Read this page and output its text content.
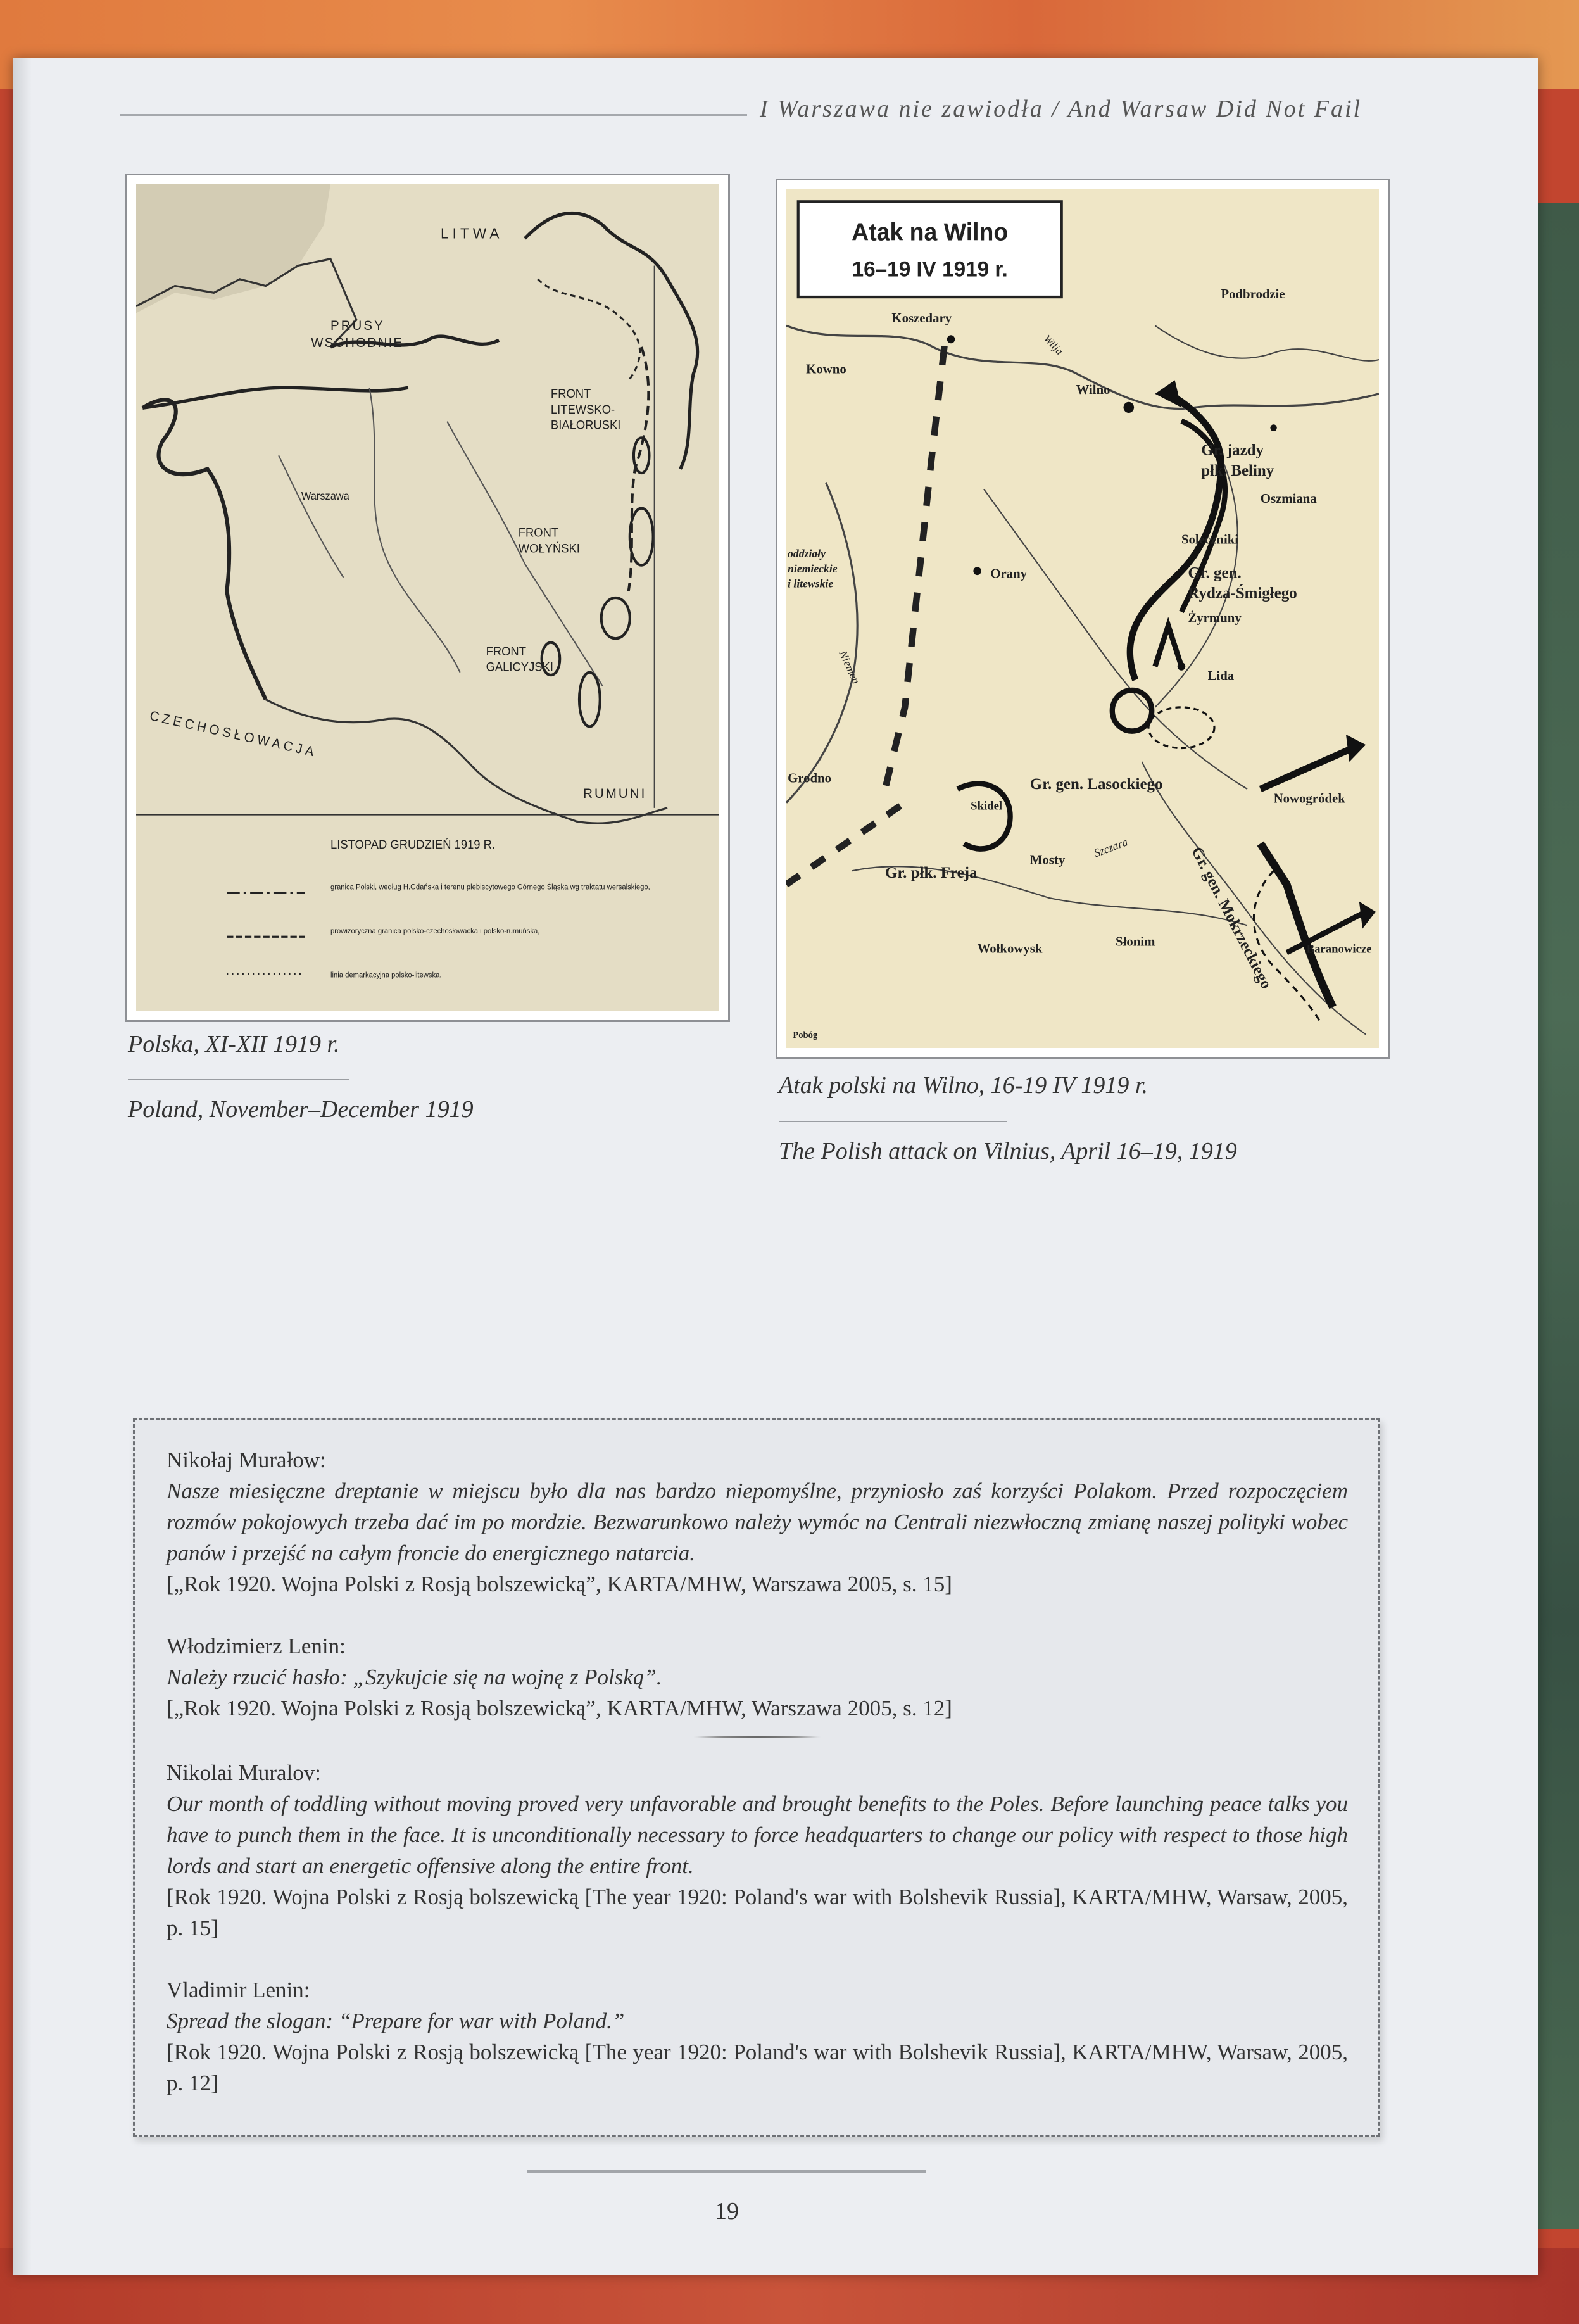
I Warszawa nie zawiodła / And Warsaw Did Not Fail
LITWA
PRUSY
WSCHODNIE
FRONT
LITEWSKO-
BIAŁORUSKI
Warszawa
FRONT
WOŁYŃSKI
FRONT
GALICYJSKI
CZECHOSŁOWACJA
RUMUNI
LISTOPAD GRUDZIEŃ 1919 R.
granica Polski, według H.Gdańska i terenu plebiscytowego Górnego Śląska wg traktatu wersalskiego,
prowizoryczna granica polsko-czechosłowacka i polsko-rumuńska,
linia demarkacyjna polsko-litewska.
Atak na Wilno
16–19 IV 1919 r.
Podbrodzie
Koszedary
Kowno
Wilja
Wilno
Gr. jazdy
płk. Beliny
Oszmiana
Soleczniki
Orany
oddziały
niemieckie
i litewskie
Niemen
Gr. gen.
Rydza-Śmigłego
Żyrmuny
Lida
Grodno
Skidel
Gr. gen. Lasockiego
Nowogródek
Mosty	Szczara
Gr. płk. Freja	Gr. gen. Mokrzeckiego
Słonim
Wołkowysk	Baranowicze
Pobóg
Polska, XI-XII 1919 r.
Poland, November–December 1919
Atak polski na Wilno, 16-19 IV 1919 r.
The Polish attack on Vilnius, April 16–19, 1919
Nikołaj Murałow:
Nasze miesięczne dreptanie w miejscu było dla nas bardzo niepomyślne, przyniosło zaś korzyści Polakom. Przed rozpoczęciem rozmów pokojowych trzeba dać im po mordzie. Bezwarunkowo należy wymóc na Centrali niezwłoczną zmianę naszej polityki wobec panów i przejść na całym froncie do energicznego natarcia.
[„Rok 1920. Wojna Polski z Rosją bolszewicką”, KARTA/MHW, Warszawa 2005, s. 15]
Włodzimierz Lenin:
Należy rzucić hasło: „Szykujcie się na wojnę z Polską”.
[„Rok 1920. Wojna Polski z Rosją bolszewicką”, KARTA/MHW, Warszawa 2005, s. 12]
Nikolai Muralov:
Our month of toddling without moving proved very unfavorable and brought benefits to the Poles. Before launching peace talks you have to punch them in the face. It is unconditionally necessary to force headquarters to change our policy with respect to those high lords and start an energetic offensive along the entire front.
[Rok 1920. Wojna Polski z Rosją bolszewicką [The year 1920: Poland's war with Bolshevik Russia], KARTA/MHW, Warsaw, 2005, p. 15]
Vladimir Lenin:
Spread the slogan: “Prepare for war with Poland.”
[Rok 1920. Wojna Polski z Rosją bolszewicką [The year 1920: Poland's war with Bolshevik Russia], KARTA/MHW, Warsaw, 2005, p. 12]
19
